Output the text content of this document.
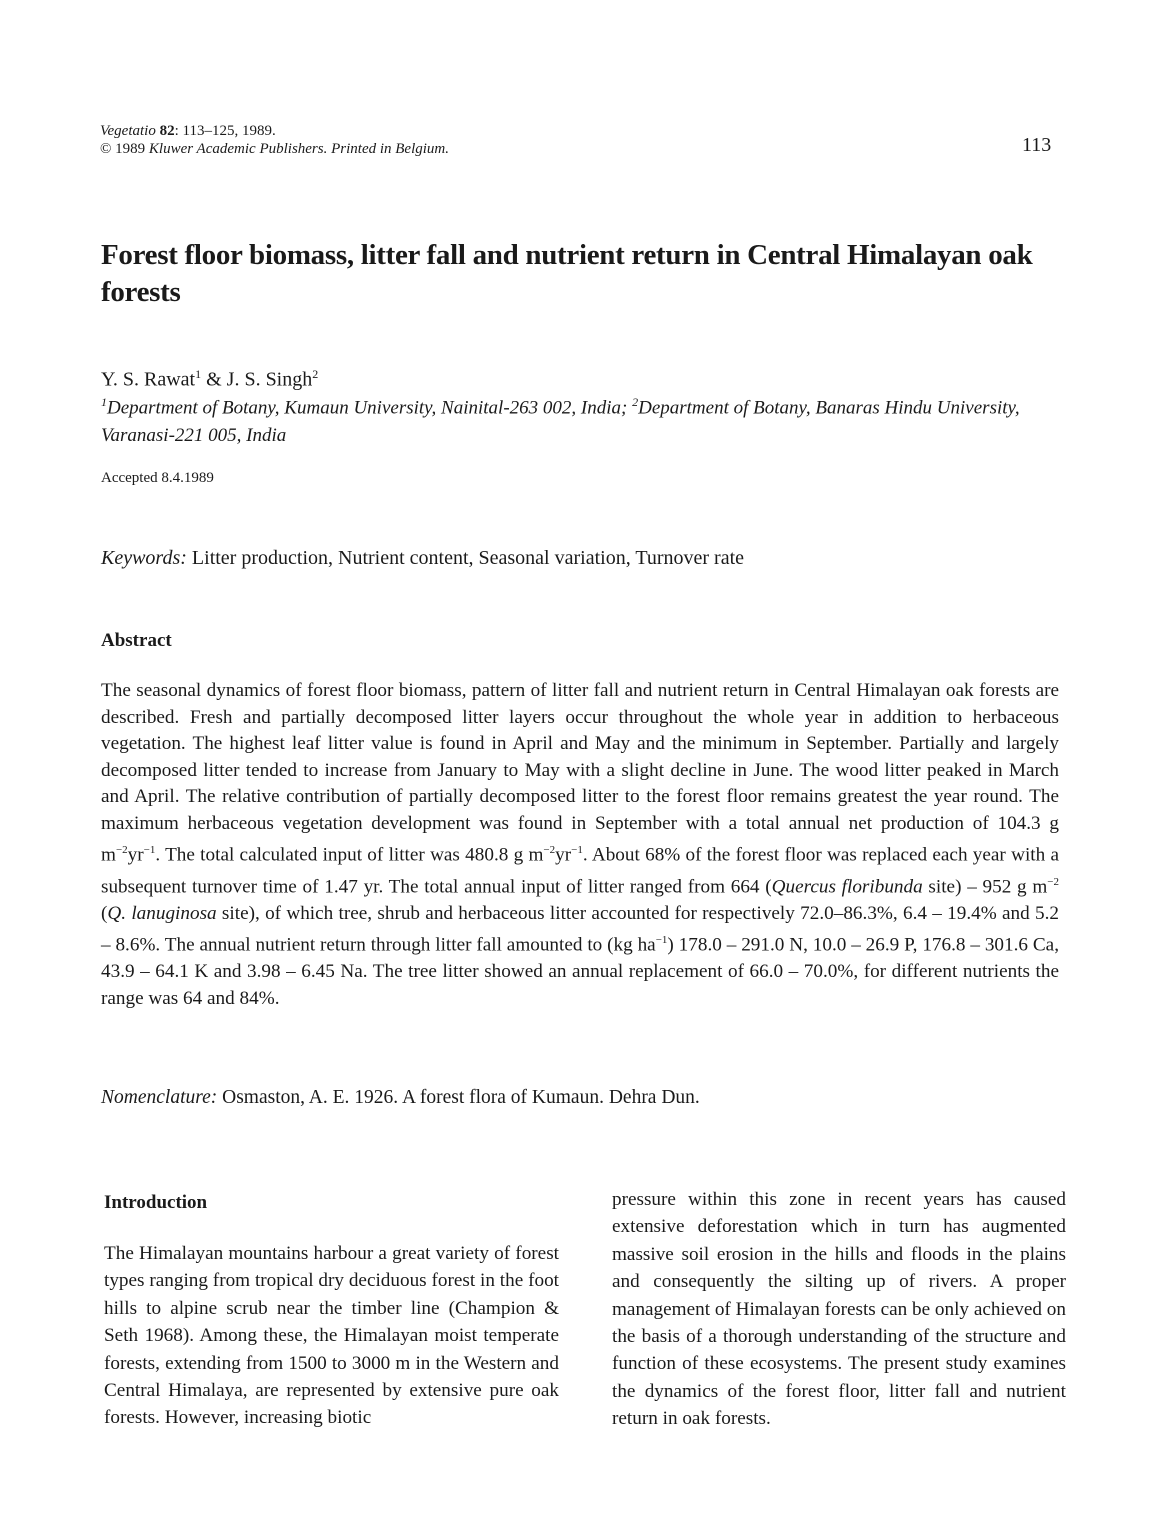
Vegetatio 82: 113–125, 1989.
© 1989 Kluwer Academic Publishers. Printed in Belgium.	113
Forest floor biomass, litter fall and nutrient return in Central Himalayan oak forests
Y. S. Rawat$^1$ & J. S. Singh$^2$
$^1$Department of Botany, Kumaun University, Nainital-263 002, India; $^2$Department of Botany, Banaras Hindu University, Varanasi-221 005, India
Accepted 8.4.1989
Keywords: Litter production, Nutrient content, Seasonal variation, Turnover rate
Abstract
The seasonal dynamics of forest floor biomass, pattern of litter fall and nutrient return in Central Himalayan oak forests are described. Fresh and partially decomposed litter layers occur throughout the whole year in addition to herbaceous vegetation. The highest leaf litter value is found in April and May and the minimum in September. Partially and largely decomposed litter tended to increase from January to May with a slight decline in June. The wood litter peaked in March and April. The relative contribution of partially decomposed litter to the forest floor remains greatest the year round. The maximum herbaceous vegetation development was found in September with a total annual net production of 104.3 g $m^{-2}yr^{-1}$. The total calculated input of litter was 480.8 g $m^{-2}yr^{-1}$. About 68% of the forest floor was replaced each year with a subsequent turnover time of 1.47 yr. The total annual input of litter ranged from 664 (Quercus floribunda site) – 952 g $m^{-2}$ (Q. lanuginosa site), of which tree, shrub and herbaceous litter accounted for respectively 72.0–86.3%, 6.4 – 19.4% and 5.2 – 8.6%. The annual nutrient return through litter fall amounted to (kg $ha^{-1}$) 178.0 – 291.0 N, 10.0 – 26.9 P, 176.8 – 301.6 Ca, 43.9 – 64.1 K and 3.98 – 6.45 Na. The tree litter showed an annual replacement of 66.0 – 70.0%, for different nutrients the range was 64 and 84%.
Nomenclature: Osmaston, A. E. 1926. A forest flora of Kumaun. Dehra Dun.
Introduction
The Himalayan mountains harbour a great variety of forest types ranging from tropical dry deciduous forest in the foot hills to alpine scrub near the timber line (Champion & Seth 1968). Among these, the Himalayan moist temperate forests, extending from 1500 to 3000 m in the Western and Central Himalaya, are represented by extensive pure oak forests. However, increasing biotic
pressure within this zone in recent years has caused extensive deforestation which in turn has augmented massive soil erosion in the hills and floods in the plains and consequently the silting up of rivers. A proper management of Himalayan forests can be only achieved on the basis of a thorough understanding of the structure and function of these ecosystems. The present study examines the dynamics of the forest floor, litter fall and nutrient return in oak forests.
